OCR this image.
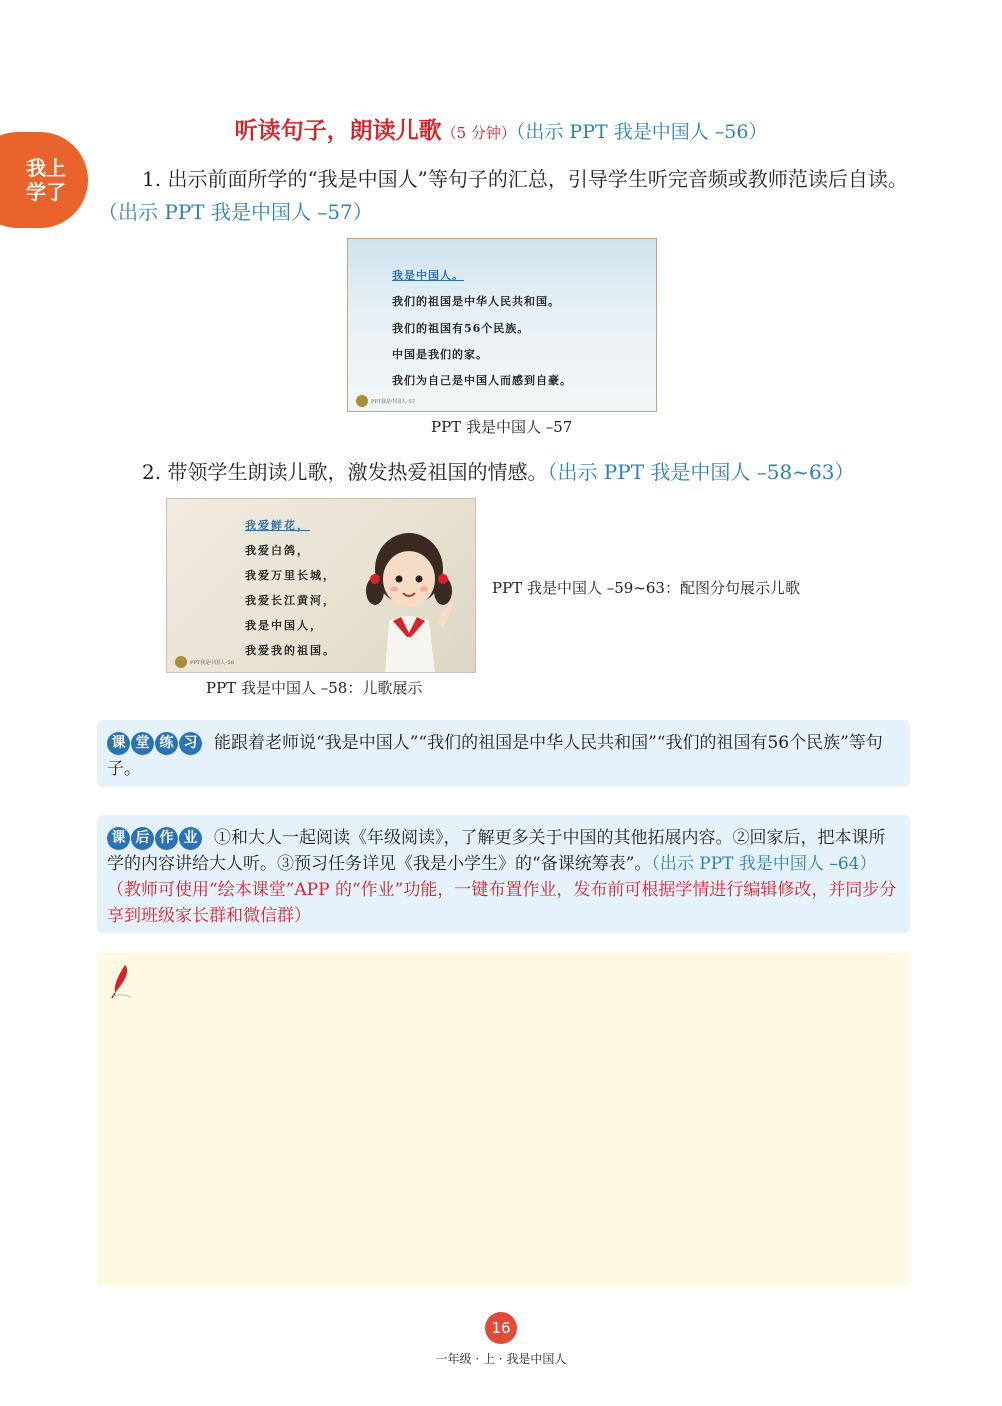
我上
学了
听读句子，朗读儿歌（5 分钟）（出示 PPT 我是中国人 –56）
1. 出示前面所学的“我是中国人”等句子的汇总，引导学生听完音频或教师范读后自读。（出示 PPT 我是中国人 –57）
我是中国人。
我们的祖国是中华人民共和国。
我们的祖国有56个民族。
中国是我们的家。
我们为自己是中国人而感到自豪。
PPT我是中国人–57
PPT 我是中国人 –57
2. 带领学生朗读儿歌，激发热爱祖国的情感。（出示 PPT 我是中国人 –58~63）
我爱鲜花，
我爱白鸽，
我爱万里长城，
我爱长江黄河，
我是中国人，
我爱我的祖国。
PPT我是中国人–58
PPT 我是中国人 –58：儿歌展示
PPT 我是中国人 –59~63：配图分句展示儿歌
课 堂 练 习 能跟着老师说“我是中国人”“我们的祖国是中华人民共和国”“我们的祖国有56个民族”等句子。
课 后 作 业 ①和大人一起阅读《年级阅读》，了解更多关于中国的其他拓展内容。②回家后，把本课所学的内容讲给大人听。③预习任务详见《我是小学生》的“备课统筹表”。（出示 PPT 我是中国人 –64）（教师可使用“绘本课堂”APP 的“作业”功能，一键布置作业，发布前可根据学情进行编辑修改，并同步分享到班级家长群和微信群）
16
一年级 · 上 · 我是中国人
